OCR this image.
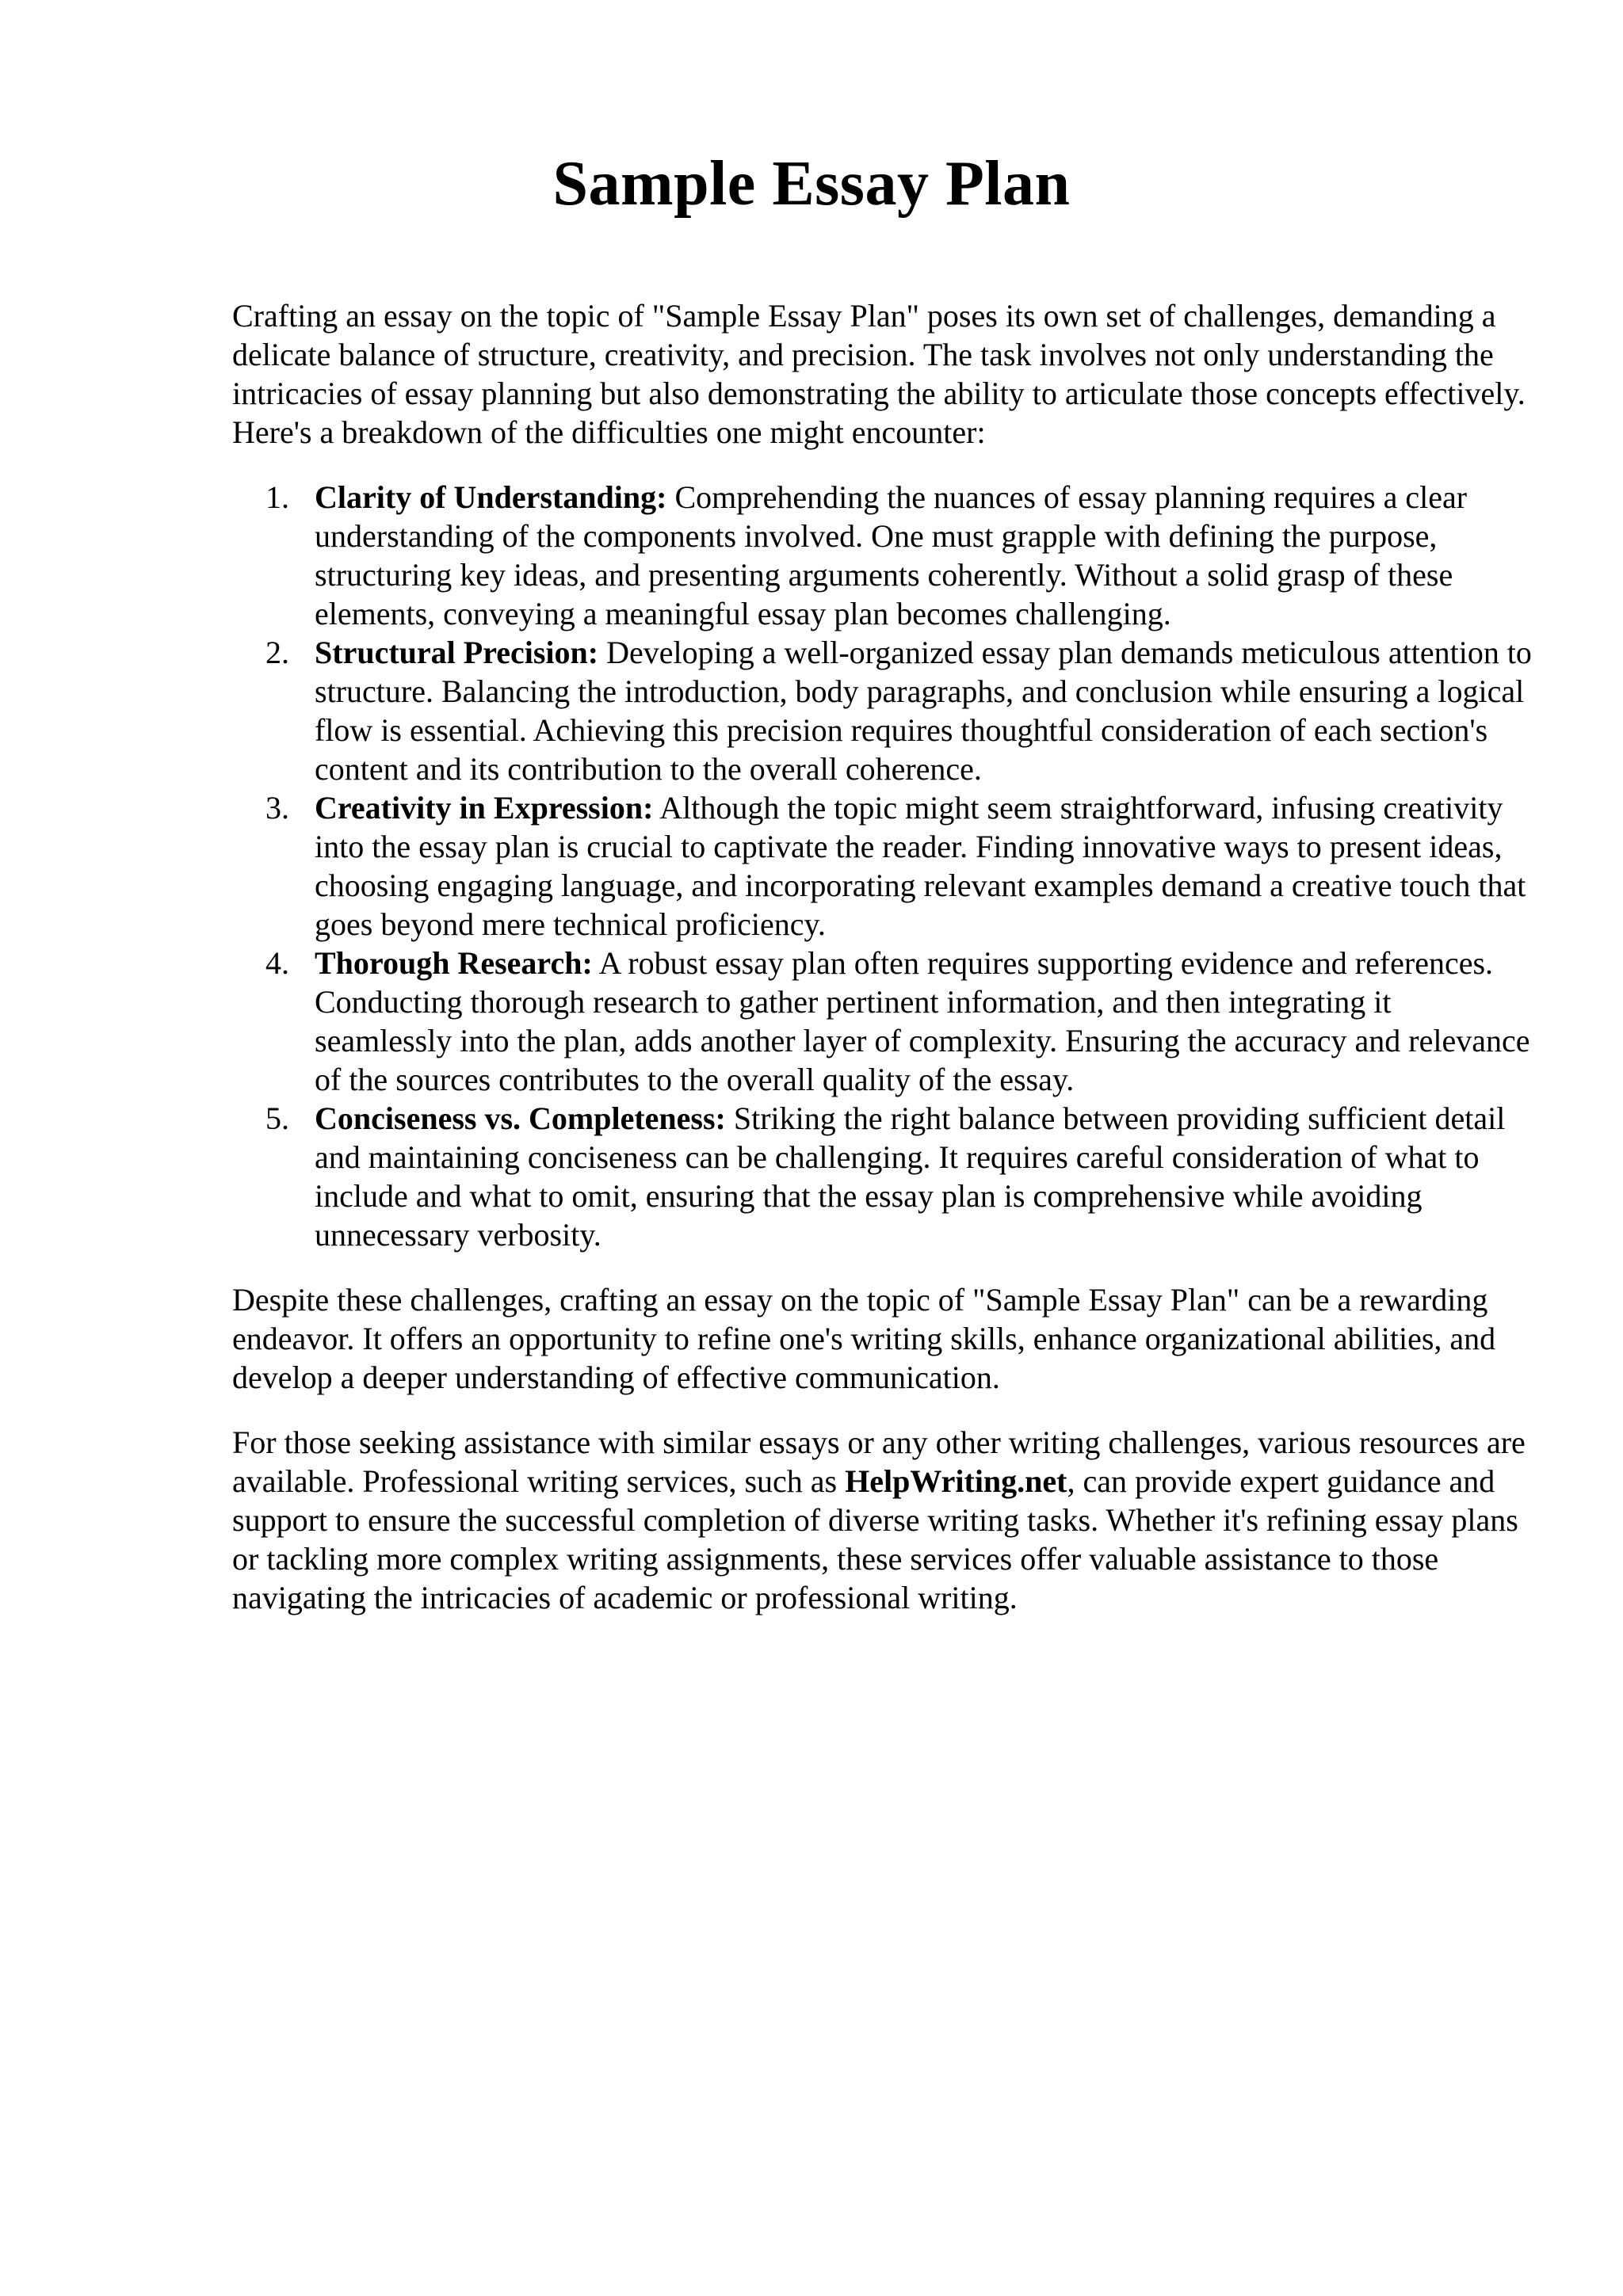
Sample Essay Plan

Crafting an essay on the topic of "Sample Essay Plan" poses its own set of challenges, demanding a delicate balance of structure, creativity, and precision. The task involves not only understanding the intricacies of essay planning but also demonstrating the ability to articulate those concepts effectively. Here's a breakdown of the difficulties one might encounter:

1. Clarity of Understanding: Comprehending the nuances of essay planning requires a clear understanding of the components involved. One must grapple with defining the purpose, structuring key ideas, and presenting arguments coherently. Without a solid grasp of these elements, conveying a meaningful essay plan becomes challenging.
2. Structural Precision: Developing a well-organized essay plan demands meticulous attention to structure. Balancing the introduction, body paragraphs, and conclusion while ensuring a logical flow is essential. Achieving this precision requires thoughtful consideration of each section's content and its contribution to the overall coherence.
3. Creativity in Expression: Although the topic might seem straightforward, infusing creativity into the essay plan is crucial to captivate the reader. Finding innovative ways to present ideas, choosing engaging language, and incorporating relevant examples demand a creative touch that goes beyond mere technical proficiency.
4. Thorough Research: A robust essay plan often requires supporting evidence and references. Conducting thorough research to gather pertinent information, and then integrating it seamlessly into the plan, adds another layer of complexity. Ensuring the accuracy and relevance of the sources contributes to the overall quality of the essay.
5. Conciseness vs. Completeness: Striking the right balance between providing sufficient detail and maintaining conciseness can be challenging. It requires careful consideration of what to include and what to omit, ensuring that the essay plan is comprehensive while avoiding unnecessary verbosity.

Despite these challenges, crafting an essay on the topic of "Sample Essay Plan" can be a rewarding endeavor. It offers an opportunity to refine one's writing skills, enhance organizational abilities, and develop a deeper understanding of effective communication.

For those seeking assistance with similar essays or any other writing challenges, various resources are available. Professional writing services, such as HelpWriting.net, can provide expert guidance and support to ensure the successful completion of diverse writing tasks. Whether it's refining essay plans or tackling more complex writing assignments, these services offer valuable assistance to those navigating the intricacies of academic or professional writing.
